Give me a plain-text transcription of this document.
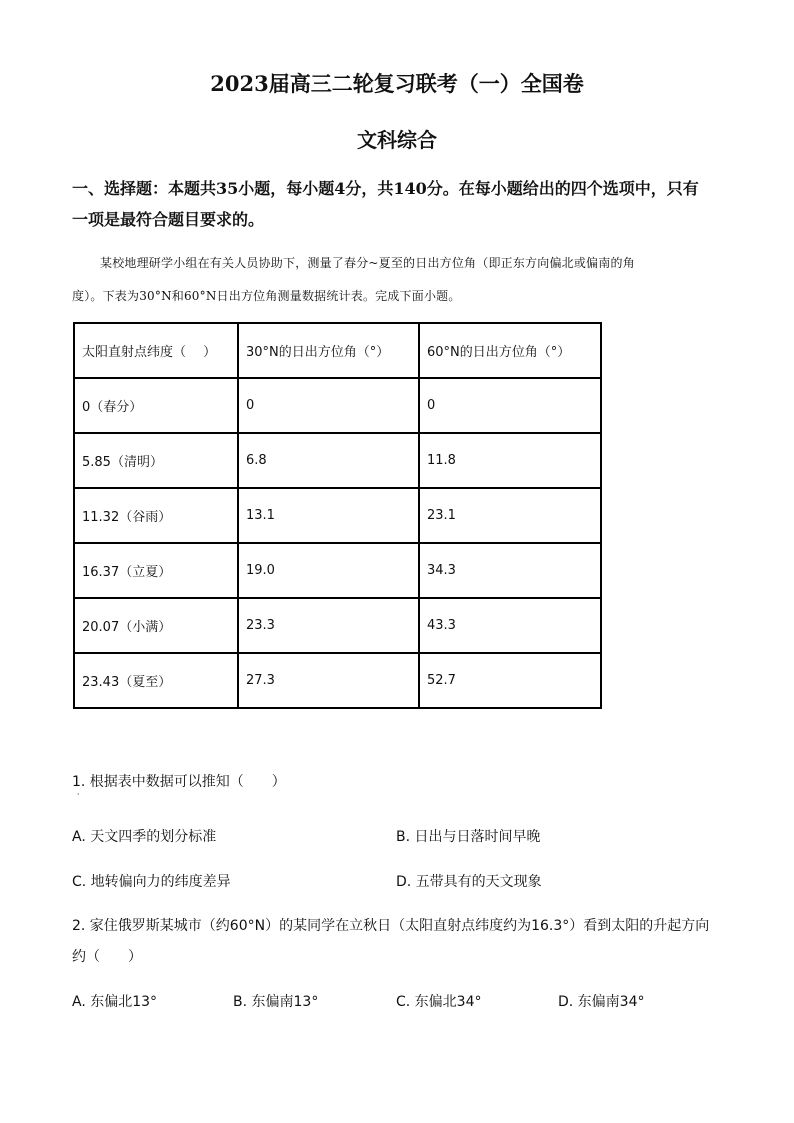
2023届高三二轮复习联考（一）全国卷
文科综合
一、选择题：本题共35小题，每小题4分，共140分。在每小题给出的四个选项中，只有
一项是最符合题目要求的。
某校地理研学小组在有关人员协助下，测量了春分~夏至的日出方位角（即正东方向偏北或偏南的角
度）。下表为30°N和60°N日出方位角测量数据统计表。完成下面小题。
太阳直射点纬度（　 ）	30°N的日出方位角（°）	60°N的日出方位角（°）
0（春分）	0	0
5.85（清明）	6.8	11.8
11.32（谷雨）	13.1	23.1
16.37（立夏）	19.0	34.3
20.07（小满）	23.3	43.3
23.43（夏至）	27.3	52.7
1. 根据表中数据可以推知（　　）
·
A. 天文四季的划分标准	B. 日出与日落时间早晚
C. 地转偏向力的纬度差异	D. 五带具有的天文现象
2. 家住俄罗斯某城市（约60°N）的某同学在立秋日（太阳直射点纬度约为16.3°）看到太阳的升起方向
约（　　）
A. 东偏北13°	B. 东偏南13°	C. 东偏北34°	D. 东偏南34°
